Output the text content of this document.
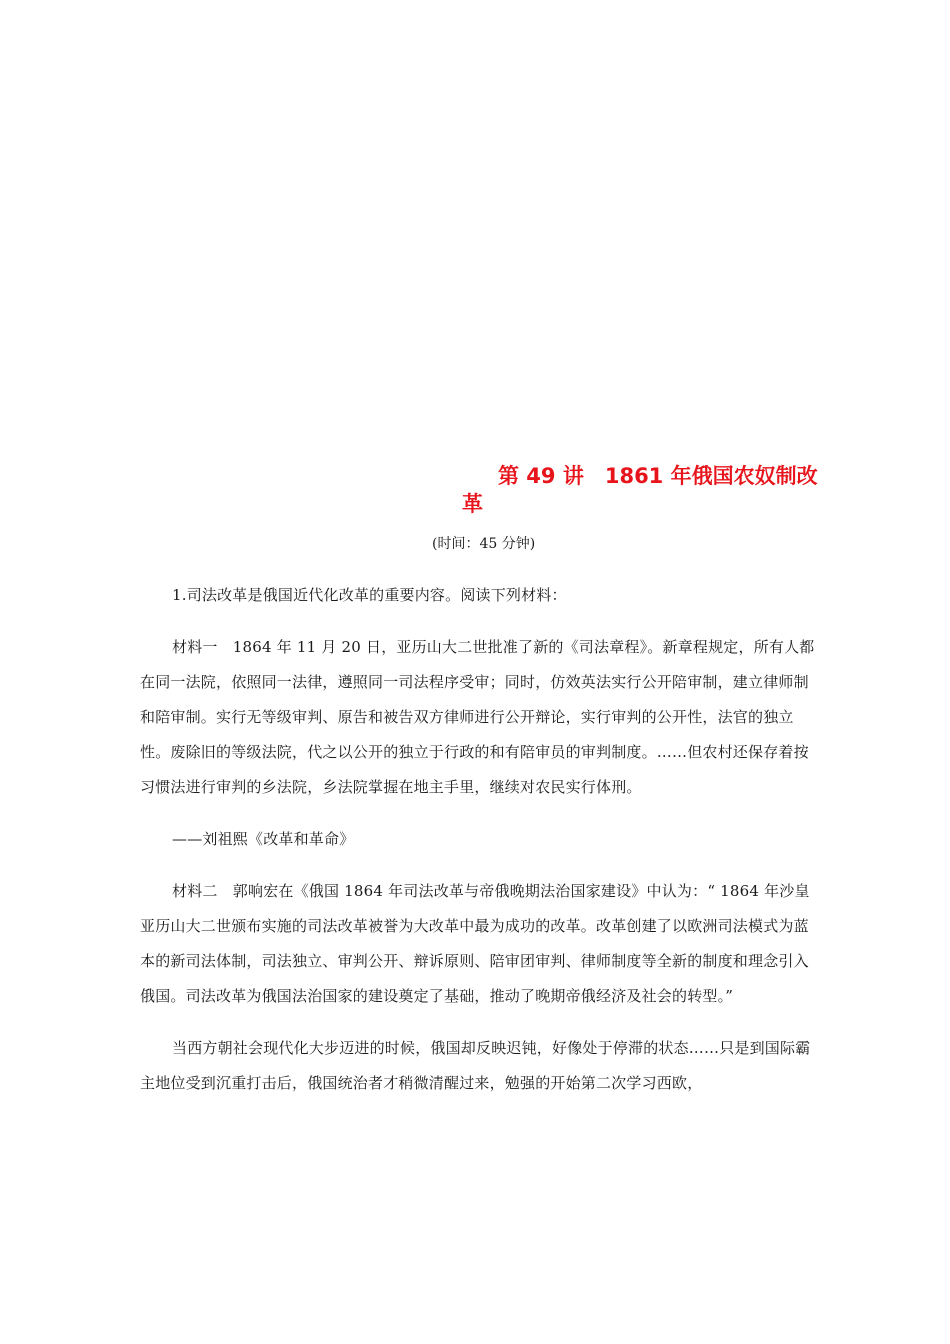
第 49 讲　1861 年俄国农奴制改
革

(时间：45 分钟)

1.司法改革是俄国近代化改革的重要内容。阅读下列材料：

材料一　1864 年 11 月 20 日，亚历山大二世批准了新的《司法章程》。新章程规定，所有人都在同一法院，依照同一法律，遵照同一司法程序受审；同时，仿效英法实行公开陪审制，建立律师制和陪审制。实行无等级审判、原告和被告双方律师进行公开辩论，实行审判的公开性，法官的独立性。废除旧的等级法院，代之以公开的独立于行政的和有陪审员的审判制度。……但农村还保存着按习惯法进行审判的乡法院，乡法院掌握在地主手里，继续对农民实行体刑。

——刘祖熙《改革和革命》

材料二　郭响宏在《俄国 1864 年司法改革与帝俄晚期法治国家建设》中认为：“ 1864 年沙皇亚历山大二世颁布实施的司法改革被誉为大改革中最为成功的改革。改革创建了以欧洲司法模式为蓝本的新司法体制，司法独立、审判公开、辩诉原则、陪审团审判、律师制度等全新的制度和理念引入俄国。司法改革为俄国法治国家的建设奠定了基础，推动了晚期帝俄经济及社会的转型。”

当西方朝社会现代化大步迈进的时候，俄国却反映迟钝，好像处于停滞的状态……只是到国际霸主地位受到沉重打击后，俄国统治者才稍微清醒过来，勉强的开始第二次学习西欧，
